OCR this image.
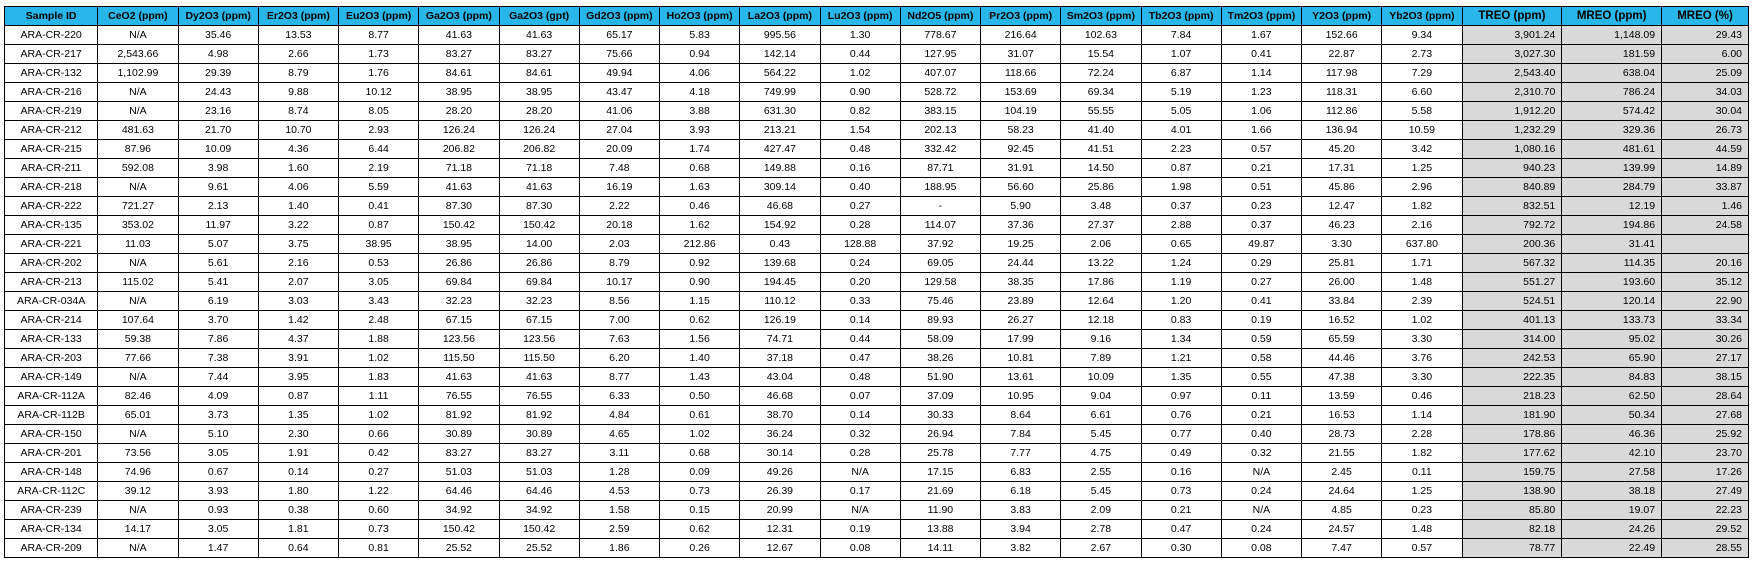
Sample ID	CeO2 (ppm)	Dy2O3 (ppm)	Er2O3 (ppm)	Eu2O3 (ppm)	Ga2O3 (ppm)	Ga2O3 (gpt)	Gd2O3 (ppm)	Ho2O3 (ppm)	La2O3 (ppm)	Lu2O3 (ppm)	Nd2O5 (ppm)	Pr2O3 (ppm)	Sm2O3 (ppm)	Tb2O3 (ppm)	Tm2O3 (ppm)	Y2O3 (ppm)	Yb2O3 (ppm)	TREO (ppm)	MREO (ppm)	MREO (%)
ARA-CR-220	N/A	35.46	13.53	8.77	41.63	41.63	65.17	5.83	995.56	1.30	778.67	216.64	102.63	7.84	1.67	152.66	9.34	3,901.24	1,148.09	29.43
ARA-CR-217	2,543.66	4.98	2.66	1.73	83.27	83.27	75.66	0.94	142.14	0.44	127.95	31.07	15.54	1.07	0.41	22.87	2.73	3,027.30	181.59	6.00
ARA-CR-132	1,102.99	29.39	8.79	1.76	84.61	84.61	49.94	4.06	564.22	1.02	407.07	118.66	72.24	6.87	1.14	117.98	7.29	2,543.40	638.04	25.09
ARA-CR-216	N/A	24.43	9.88	10.12	38.95	38.95	43.47	4.18	749.99	0.90	528.72	153.69	69.34	5.19	1.23	118.31	6.60	2,310.70	786.24	34.03
ARA-CR-219	N/A	23.16	8.74	8.05	28.20	28.20	41.06	3.88	631.30	0.82	383.15	104.19	55.55	5.05	1.06	112.86	5.58	1,912.20	574.42	30.04
ARA-CR-212	481.63	21.70	10.70	2.93	126.24	126.24	27.04	3.93	213.21	1.54	202.13	58.23	41.40	4.01	1.66	136.94	10.59	1,232.29	329.36	26.73
ARA-CR-215	87.96	10.09	4.36	6.44	206.82	206.82	20.09	1.74	427.47	0.48	332.42	92.45	41.51	2.23	0.57	45.20	3.42	1,080.16	481.61	44.59
ARA-CR-211	592.08	3.98	1.60	2.19	71.18	71.18	7.48	0.68	149.88	0.16	87.71	31.91	14.50	0.87	0.21	17.31	1.25	940.23	139.99	14.89
ARA-CR-218	N/A	9.61	4.06	5.59	41.63	41.63	16.19	1.63	309.14	0.40	188.95	56.60	25.86	1.98	0.51	45.86	2.96	840.89	284.79	33.87
ARA-CR-222	721.27	2.13	1.40	0.41	87.30	87.30	2.22	0.46	46.68	0.27	-	5.90	3.48	0.37	0.23	12.47	1.82	832.51	12.19	1.46
ARA-CR-135	353.02	11.97	3.22	0.87	150.42	150.42	20.18	1.62	154.92	0.28	114.07	37.36	27.37	2.88	0.37	46.23	2.16	792.72	194.86	24.58
ARA-CR-221	11.03	5.07	3.75	38.95	38.95	14.00	2.03	212.86	0.43	128.88	37.92	19.25	2.06	0.65	49.87	3.30	637.80	200.36	31.41	
ARA-CR-202	N/A	5.61	2.16	0.53	26.86	26.86	8.79	0.92	139.68	0.24	69.05	24.44	13.22	1.24	0.29	25.81	1.71	567.32	114.35	20.16
ARA-CR-213	115.02	5.41	2.07	3.05	69.84	69.84	10.17	0.90	194.45	0.20	129.58	38.35	17.86	1.19	0.27	26.00	1.48	551.27	193.60	35.12
ARA-CR-034A	N/A	6.19	3.03	3.43	32.23	32.23	8.56	1.15	110.12	0.33	75.46	23.89	12.64	1.20	0.41	33.84	2.39	524.51	120.14	22.90
ARA-CR-214	107.64	3.70	1.42	2.48	67.15	67.15	7.00	0.62	126.19	0.14	89.93	26.27	12.18	0.83	0.19	16.52	1.02	401.13	133.73	33.34
ARA-CR-133	59.38	7.86	4.37	1.88	123.56	123.56	7.63	1.56	74.71	0.44	58.09	17.99	9.16	1.34	0.59	65.59	3.30	314.00	95.02	30.26
ARA-CR-203	77.66	7.38	3.91	1.02	115.50	115.50	6.20	1.40	37.18	0.47	38.26	10.81	7.89	1.21	0.58	44.46	3.76	242.53	65.90	27.17
ARA-CR-149	N/A	7.44	3.95	1.83	41.63	41.63	8.77	1.43	43.04	0.48	51.90	13.61	10.09	1.35	0.55	47.38	3.30	222.35	84.83	38.15
ARA-CR-112A	82.46	4.09	0.87	1.11	76.55	76.55	6.33	0.50	46.68	0.07	37.09	10.95	9.04	0.97	0.11	13.59	0.46	218.23	62.50	28.64
ARA-CR-112B	65.01	3.73	1.35	1.02	81.92	81.92	4.84	0.61	38.70	0.14	30.33	8.64	6.61	0.76	0.21	16.53	1.14	181.90	50.34	27.68
ARA-CR-150	N/A	5.10	2.30	0.66	30.89	30.89	4.65	1.02	36.24	0.32	26.94	7.84	5.45	0.77	0.40	28.73	2.28	178.86	46.36	25.92
ARA-CR-201	73.56	3.05	1.91	0.42	83.27	83.27	3.11	0.68	30.14	0.28	25.78	7.77	4.75	0.49	0.32	21.55	1.82	177.62	42.10	23.70
ARA-CR-148	74.96	0.67	0.14	0.27	51.03	51.03	1.28	0.09	49.26	N/A	17.15	6.83	2.55	0.16	N/A	2.45	0.11	159.75	27.58	17.26
ARA-CR-112C	39.12	3.93	1.80	1.22	64.46	64.46	4.53	0.73	26.39	0.17	21.69	6.18	5.45	0.73	0.24	24.64	1.25	138.90	38.18	27.49
ARA-CR-239	N/A	0.93	0.38	0.60	34.92	34.92	1.58	0.15	20.99	N/A	11.90	3.83	2.09	0.21	N/A	4.85	0.23	85.80	19.07	22.23
ARA-CR-134	14.17	3.05	1.81	0.73	150.42	150.42	2.59	0.62	12.31	0.19	13.88	3.94	2.78	0.47	0.24	24.57	1.48	82.18	24.26	29.52
ARA-CR-209	N/A	1.47	0.64	0.81	25.52	25.52	1.86	0.26	12.67	0.08	14.11	3.82	2.67	0.30	0.08	7.47	0.57	78.77	22.49	28.55
